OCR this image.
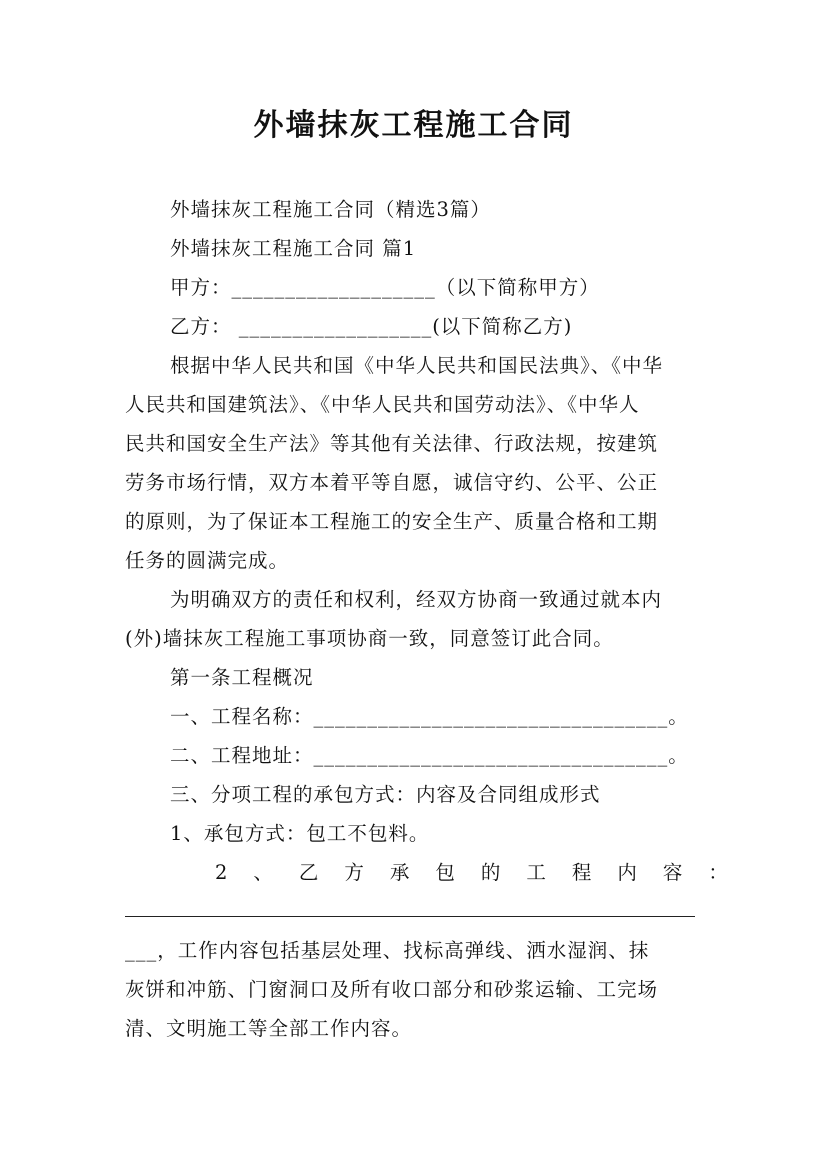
外墙抹灰工程施工合同
外墙抹灰工程施工合同（精选3篇）
外墙抹灰工程施工合同 篇1
甲方：___________________（以下简称甲方）
乙方： __________________(以下简称乙方)
根据中华人民共和国《中华人民共和国民法典》、《中华
人民共和国建筑法》、《中华人民共和国劳动法》、《中华人
民共和国安全生产法》等其他有关法律、行政法规，按建筑
劳务市场行情，双方本着平等自愿，诚信守约、公平、公正
的原则，为了保证本工程施工的安全生产、质量合格和工期
任务的圆满完成。
为明确双方的责任和权利，经双方协商一致通过就本内
(外)墙抹灰工程施工事项协商一致，同意签订此合同。
第一条工程概况
一、工程名称：_________________________________。
二、工程地址：_________________________________。
三、分项工程的承包方式：内容及合同组成形式
1、承包方式：包工不包料。
2、乙方承包的工程内容：
___，工作内容包括基层处理、找标高弹线、洒水湿润、抹
灰饼和冲筋、门窗洞口及所有收口部分和砂浆运输、工完场
清、文明施工等全部工作内容。
